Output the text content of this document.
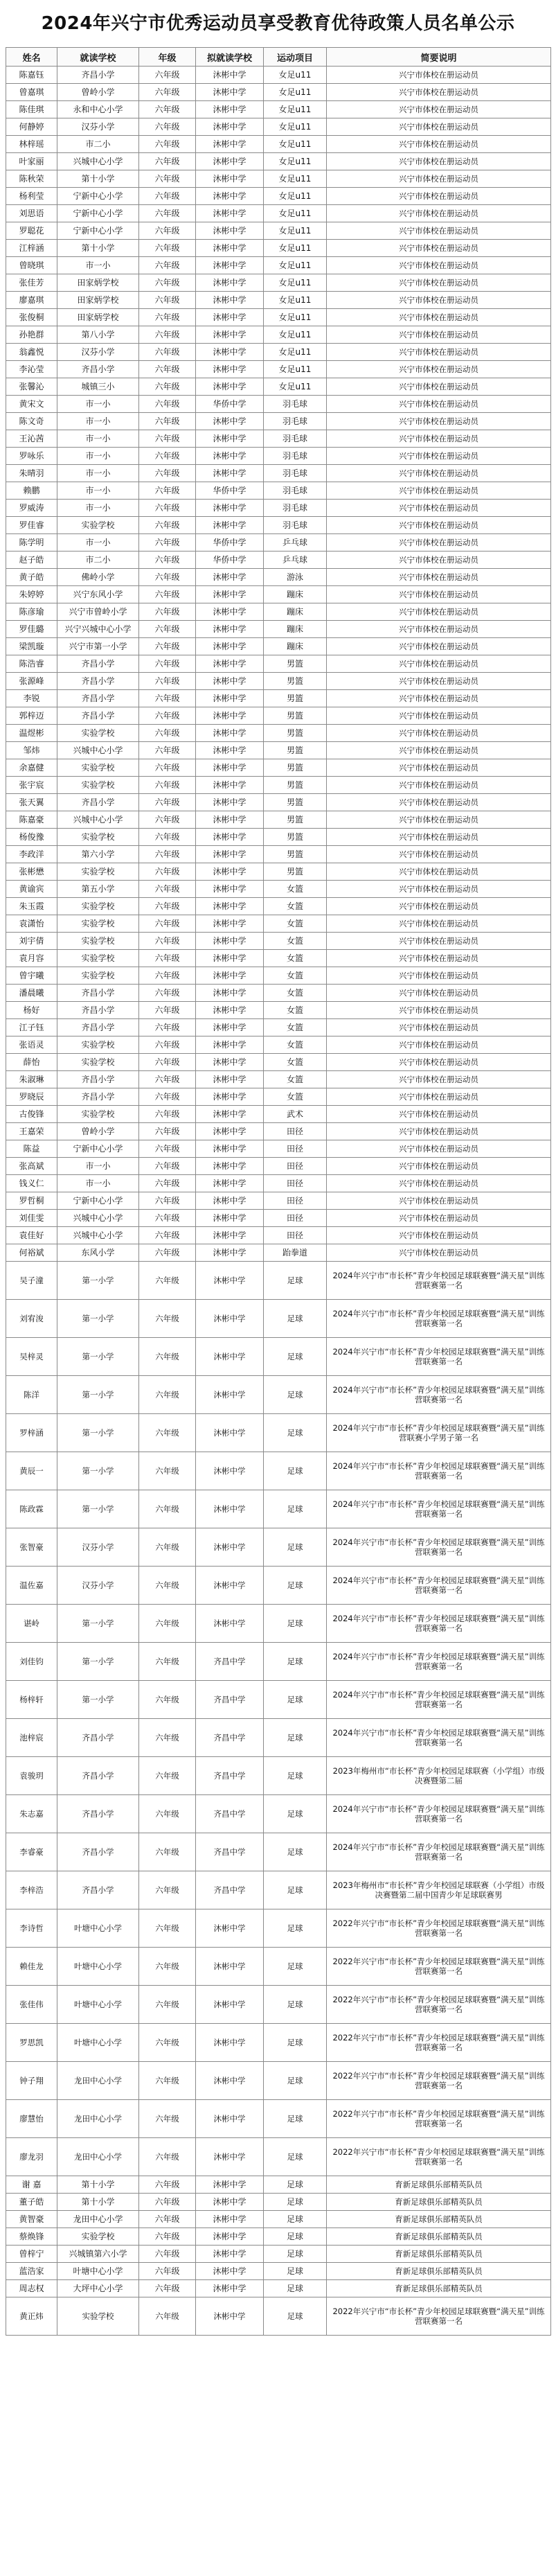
2024年兴宁市优秀运动员享受教育优待政策人员名单公示
姓名	就读学校	年级	拟就读学校	运动项目	简要说明
陈嘉钰	齐昌小学	六年级	沐彬中学	女足u11	兴宁市体校在册运动员
曾嘉琪	曾岭小学	六年级	沐彬中学	女足u11	兴宁市体校在册运动员
陈佳琪	永和中心小学	六年级	沐彬中学	女足u11	兴宁市体校在册运动员
何静婷	汉芬小学	六年级	沐彬中学	女足u11	兴宁市体校在册运动员
林梓瑶	市二小	六年级	沐彬中学	女足u11	兴宁市体校在册运动员
叶家丽	兴城中心小学	六年级	沐彬中学	女足u11	兴宁市体校在册运动员
陈秋荣	第十小学	六年级	沐彬中学	女足u11	兴宁市体校在册运动员
杨利莹	宁新中心小学	六年级	沐彬中学	女足u11	兴宁市体校在册运动员
刘思语	宁新中心小学	六年级	沐彬中学	女足u11	兴宁市体校在册运动员
罗聪花	宁新中心小学	六年级	沐彬中学	女足u11	兴宁市体校在册运动员
江梓涵	第十小学	六年级	沐彬中学	女足u11	兴宁市体校在册运动员
曾晓琪	市一小	六年级	沐彬中学	女足u11	兴宁市体校在册运动员
张佳芳	田家炳学校	六年级	沐彬中学	女足u11	兴宁市体校在册运动员
廖嘉琪	田家炳学校	六年级	沐彬中学	女足u11	兴宁市体校在册运动员
张俊桐	田家炳学校	六年级	沐彬中学	女足u11	兴宁市体校在册运动员
孙艳群	第八小学	六年级	沐彬中学	女足u11	兴宁市体校在册运动员
翁鑫悦	汉芬小学	六年级	沐彬中学	女足u11	兴宁市体校在册运动员
李沁莹	齐昌小学	六年级	沐彬中学	女足u11	兴宁市体校在册运动员
张馨沁	城镇三小	六年级	沐彬中学	女足u11	兴宁市体校在册运动员
黄宋文	市一小	六年级	华侨中学	羽毛球	兴宁市体校在册运动员
陈文奇	市一小	六年级	沐彬中学	羽毛球	兴宁市体校在册运动员
王沁茜	市一小	六年级	沐彬中学	羽毛球	兴宁市体校在册运动员
罗咏乐	市一小	六年级	沐彬中学	羽毛球	兴宁市体校在册运动员
朱晴羽	市一小	六年级	沐彬中学	羽毛球	兴宁市体校在册运动员
赖鹏	市一小	六年级	华侨中学	羽毛球	兴宁市体校在册运动员
罗威涛	市一小	六年级	沐彬中学	羽毛球	兴宁市体校在册运动员
罗佳睿	实验学校	六年级	沐彬中学	羽毛球	兴宁市体校在册运动员
陈学明	市一小	六年级	华侨中学	乒乓球	兴宁市体校在册运动员
赵子皓	市二小	六年级	华侨中学	乒乓球	兴宁市体校在册运动员
黄子皓	佛岭小学	六年级	沐彬中学	游泳	兴宁市体校在册运动员
朱婷婷	兴宁东风小学	六年级	沐彬中学	蹦床	兴宁市体校在册运动员
陈彦瑜	兴宁市曾岭小学	六年级	沐彬中学	蹦床	兴宁市体校在册运动员
罗佳璐	兴宁兴城中心小学	六年级	沐彬中学	蹦床	兴宁市体校在册运动员
梁凯璇	兴宁市第一小学	六年级	沐彬中学	蹦床	兴宁市体校在册运动员
陈浩睿	齐昌小学	六年级	沐彬中学	男篮	兴宁市体校在册运动员
张源峰	齐昌小学	六年级	沐彬中学	男篮	兴宁市体校在册运动员
李锐	齐昌小学	六年级	沐彬中学	男篮	兴宁市体校在册运动员
郭梓迈	齐昌小学	六年级	沐彬中学	男篮	兴宁市体校在册运动员
温煜彬	实验学校	六年级	沐彬中学	男篮	兴宁市体校在册运动员
邹炜	兴城中心小学	六年级	沐彬中学	男篮	兴宁市体校在册运动员
余嘉健	实验学校	六年级	沐彬中学	男篮	兴宁市体校在册运动员
张宇宸	实验学校	六年级	沐彬中学	男篮	兴宁市体校在册运动员
张天翼	齐昌小学	六年级	沐彬中学	男篮	兴宁市体校在册运动员
陈嘉豪	兴城中心小学	六年级	沐彬中学	男篮	兴宁市体校在册运动员
杨俊豫	实验学校	六年级	沐彬中学	男篮	兴宁市体校在册运动员
李政洋	第六小学	六年级	沐彬中学	男篮	兴宁市体校在册运动员
张彬懋	实验学校	六年级	沐彬中学	男篮	兴宁市体校在册运动员
黄谕宾	第五小学	六年级	沐彬中学	女篮	兴宁市体校在册运动员
朱玉霞	实验学校	六年级	沐彬中学	女篮	兴宁市体校在册运动员
袁潇怡	实验学校	六年级	沐彬中学	女篮	兴宁市体校在册运动员
刘宇倩	实验学校	六年级	沐彬中学	女篮	兴宁市体校在册运动员
袁月容	实验学校	六年级	沐彬中学	女篮	兴宁市体校在册运动员
曾宇曦	实验学校	六年级	沐彬中学	女篮	兴宁市体校在册运动员
潘晨曦	齐昌小学	六年级	沐彬中学	女篮	兴宁市体校在册运动员
杨好	齐昌小学	六年级	沐彬中学	女篮	兴宁市体校在册运动员
江子钰	齐昌小学	六年级	沐彬中学	女篮	兴宁市体校在册运动员
张语灵	实验学校	六年级	沐彬中学	女篮	兴宁市体校在册运动员
薛怡	实验学校	六年级	沐彬中学	女篮	兴宁市体校在册运动员
朱淑琳	齐昌小学	六年级	沐彬中学	女篮	兴宁市体校在册运动员
罗晓辰	齐昌小学	六年级	沐彬中学	女篮	兴宁市体校在册运动员
古俊锋	实验学校	六年级	沐彬中学	武术	兴宁市体校在册运动员
王嘉荣	曾岭小学	六年级	沐彬中学	田径	兴宁市体校在册运动员
陈益	宁新中心小学	六年级	沐彬中学	田径	兴宁市体校在册运动员
张高斌	市一小	六年级	沐彬中学	田径	兴宁市体校在册运动员
钱义仁	市一小	六年级	沐彬中学	田径	兴宁市体校在册运动员
罗哲桐	宁新中心小学	六年级	沐彬中学	田径	兴宁市体校在册运动员
刘佳雯	兴城中心小学	六年级	沐彬中学	田径	兴宁市体校在册运动员
袁佳好	兴城中心小学	六年级	沐彬中学	田径	兴宁市体校在册运动员
何裕斌	东风小学	六年级	沐彬中学	跆拳道	兴宁市体校在册运动员
吴子潼	第一小学	六年级	沐彬中学	足球	2024年兴宁市“市长杯”青少年校园足球联赛暨“满天星”训练营联赛第一名
刘宥浚	第一小学	六年级	沐彬中学	足球	2024年兴宁市“市长杯”青少年校园足球联赛暨“满天星”训练营联赛第一名
吴梓灵	第一小学	六年级	沐彬中学	足球	2024年兴宁市“市长杯”青少年校园足球联赛暨“满天星”训练营联赛第一名
陈洋	第一小学	六年级	沐彬中学	足球	2024年兴宁市“市长杯”青少年校园足球联赛暨“满天星”训练营联赛第一名
罗梓涵	第一小学	六年级	沐彬中学	足球	2024年兴宁市“市长杯”青少年校园足球联赛暨“满天星”训练营联赛小学男子第一名
黄辰一	第一小学	六年级	沐彬中学	足球	2024年兴宁市“市长杯”青少年校园足球联赛暨“满天星”训练营联赛第一名
陈政霖	第一小学	六年级	沐彬中学	足球	2024年兴宁市“市长杯”青少年校园足球联赛暨“满天星”训练营联赛第一名
张智豪	汉芬小学	六年级	沐彬中学	足球	2024年兴宁市“市长杯”青少年校园足球联赛暨“满天星”训练营联赛第一名
温佐嘉	汉芬小学	六年级	沐彬中学	足球	2024年兴宁市“市长杯”青少年校园足球联赛暨“满天星”训练营联赛第一名
谌岭	第一小学	六年级	沐彬中学	足球	2024年兴宁市“市长杯”青少年校园足球联赛暨“满天星”训练营联赛第一名
刘佳钧	第一小学	六年级	齐昌中学	足球	2024年兴宁市“市长杯”青少年校园足球联赛暨“满天星”训练营联赛第一名
杨梓轩	第一小学	六年级	齐昌中学	足球	2024年兴宁市“市长杯”青少年校园足球联赛暨“满天星”训练营联赛第一名
池梓宸	齐昌小学	六年级	齐昌中学	足球	2024年兴宁市“市长杯”青少年校园足球联赛暨“满天星”训练营联赛第一名
袁骏玥	齐昌小学	六年级	齐昌中学	足球	2023年梅州市“市长杯”青少年校园足球联赛（小学组）市级决赛暨第二届
朱志嘉	齐昌小学	六年级	齐昌中学	足球	2024年兴宁市“市长杯”青少年校园足球联赛暨“满天星”训练营联赛第一名
李睿豪	齐昌小学	六年级	齐昌中学	足球	2024年兴宁市“市长杯”青少年校园足球联赛暨“满天星”训练营联赛第一名
李梓浩	齐昌小学	六年级	齐昌中学	足球	2023年梅州市“市长杯”青少年校园足球联赛（小学组）市级决赛暨第二届中国青少年足球联赛男
李诗哲	叶塘中心小学	六年级	沐彬中学	足球	2022年兴宁市“市长杯”青少年校园足球联赛暨“满天星”训练营联赛第一名
赖佳龙	叶塘中心小学	六年级	沐彬中学	足球	2022年兴宁市“市长杯”青少年校园足球联赛暨“满天星”训练营联赛第一名
张佳伟	叶塘中心小学	六年级	沐彬中学	足球	2022年兴宁市“市长杯”青少年校园足球联赛暨“满天星”训练营联赛第一名
罗思凯	叶塘中心小学	六年级	沐彬中学	足球	2022年兴宁市“市长杯”青少年校园足球联赛暨“满天星”训练营联赛第一名
钟子翔	龙田中心小学	六年级	沐彬中学	足球	2022年兴宁市“市长杯”青少年校园足球联赛暨“满天星”训练营联赛第一名
廖慧怡	龙田中心小学	六年级	沐彬中学	足球	2022年兴宁市“市长杯”青少年校园足球联赛暨“满天星”训练营联赛第一名
廖龙羽	龙田中心小学	六年级	沐彬中学	足球	2022年兴宁市“市长杯”青少年校园足球联赛暨“满天星”训练营联赛第一名
谢 嘉	第十小学	六年级	沐彬中学	足球	育新足球俱乐部精英队员
董子皓	第十小学	六年级	沐彬中学	足球	育新足球俱乐部精英队员
黄智豪	龙田中心小学	六年级	沐彬中学	足球	育新足球俱乐部精英队员
蔡焕锋	实验学校	六年级	沐彬中学	足球	育新足球俱乐部精英队员
曾梓宁	兴城镇第六小学	六年级	沐彬中学	足球	育新足球俱乐部精英队员
蓝浩家	叶塘中心小学	六年级	沐彬中学	足球	育新足球俱乐部精英队员
周志权	大坪中心小学	六年级	沐彬中学	足球	育新足球俱乐部精英队员
黄正炜	实验学校	六年级	沐彬中学	足球	2022年兴宁市“市长杯”青少年校园足球联赛暨“满天星”训练营联赛第一名
